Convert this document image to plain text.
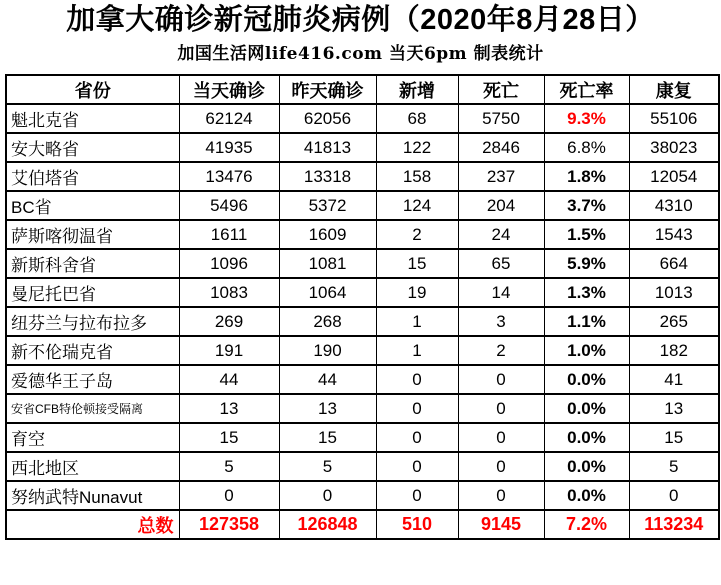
加拿大确诊新冠肺炎病例（2020年8月28日）
加国生活网life416.com 当天6pm 制表统计
省份	当天确诊	昨天确诊	新增	死亡	死亡率	康复
魁北克省	62124	62056	68	5750	9.3%	55106
安大略省	41935	41813	122	2846	6.8%	38023
艾伯塔省	13476	13318	158	237	1.8%	12054
BC省	5496	5372	124	204	3.7%	4310
萨斯喀彻温省	1611	1609	2	24	1.5%	1543
新斯科舍省	1096	1081	15	65	5.9%	664
曼尼托巴省	1083	1064	19	14	1.3%	1013
纽芬兰与拉布拉多	269	268	1	3	1.1%	265
新不伦瑞克省	191	190	1	2	1.0%	182
爱德华王子岛	44	44	0	0	0.0%	41
安省CFB特伦顿接受隔离	13	13	0	0	0.0%	13
育空	15	15	0	0	0.0%	15
西北地区	5	5	0	0	0.0%	5
努纳武特Nunavut	0	0	0	0	0.0%	0
总数	127358	126848	510	9145	7.2%	113234
